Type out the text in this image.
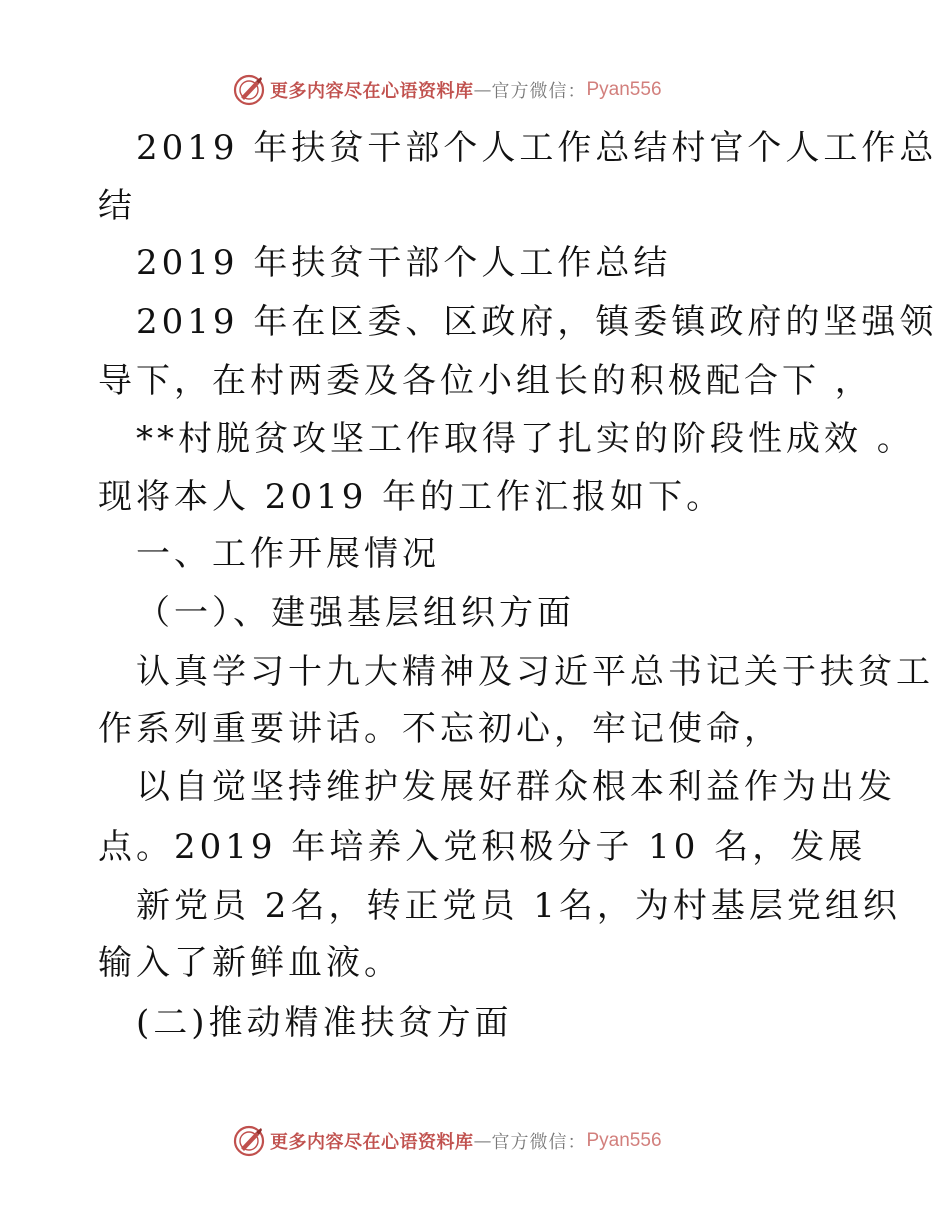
更多内容尽在心语资料库 — 官方微信： Pyan556
2019 年扶贫干部个人工作总结村官个人工作总
结
2019 年扶贫干部个人工作总结
2019 年在区委、区政府，镇委镇政府的坚强领
导下，在村两委及各位小组长的积极配合下 ，
**村脱贫攻坚工作取得了扎实的阶段性成效 。
现将本人 2019 年的工作汇报如下。
一、工作开展情况
（一）、建强基层组织方面
认真学习十九大精神及习近平总书记关于扶贫工
作系列重要讲话。不忘初心，牢记使命，
以自觉坚持维护发展好群众根本利益作为出发
点。2019 年培养入党积极分子 10 名，发展
新党员 2名，转正党员 1名，为村基层党组织
输入了新鲜血液。
(二)推动精准扶贫方面
更多内容尽在心语资料库 — 官方微信： Pyan556
